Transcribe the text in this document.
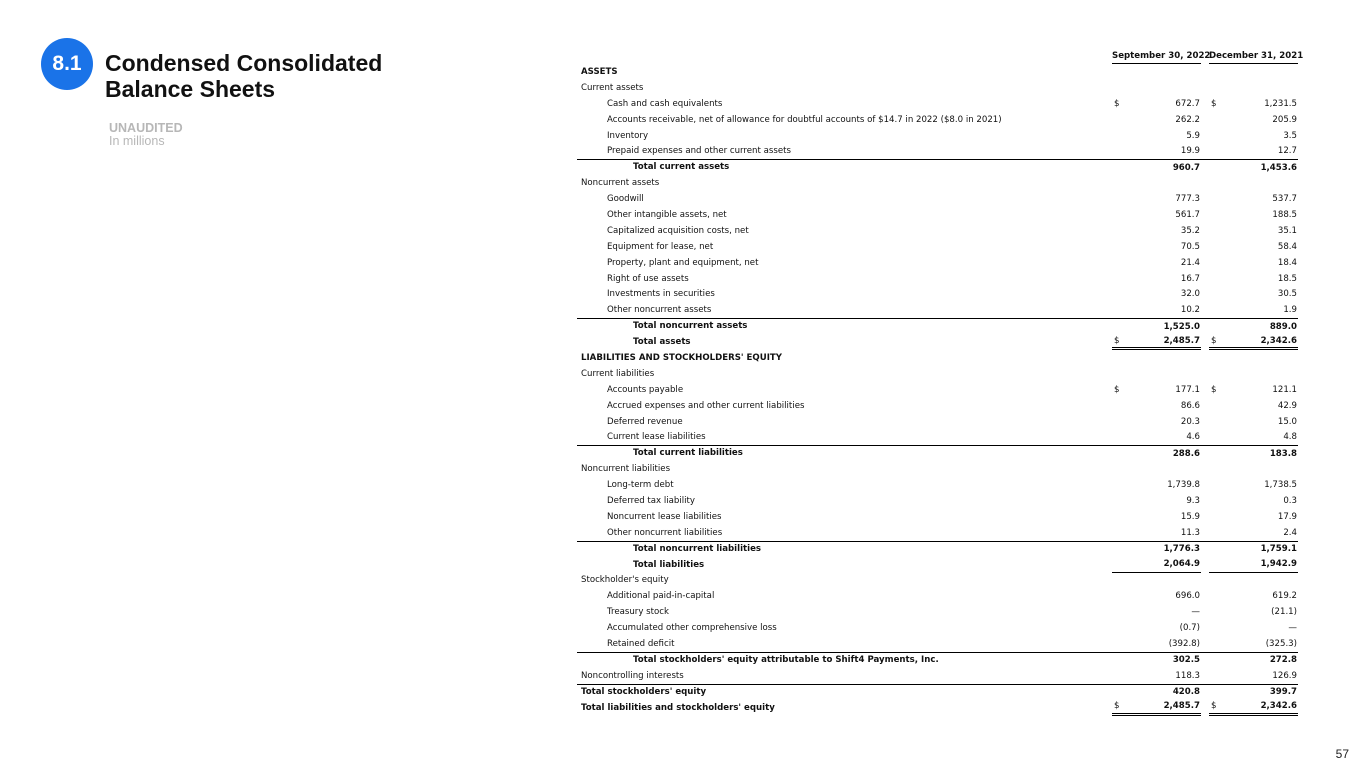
8.1	Condensed Consolidated Balance Sheets
UNAUDITED
In millions
57
September 30, 2022
December 31, 2021
ASSETS
Current assets
Cash and cash equivalents	$	672.7 $	1,231.5
Accounts receivable, net of allowance for doubtful accounts of $14.7 in 2022 ($8.0 in 2021)	262.2	205.9
Inventory	5.9	3.5
Prepaid expenses and other current assets	19.9	12.7
Total current assets	960.7	1,453.6
Noncurrent assets
Goodwill	777.3	537.7
Other intangible assets, net	561.7	188.5
Capitalized acquisition costs, net	35.2	35.1
Equipment for lease, net	70.5	58.4
Property, plant and equipment, net	21.4	18.4
Right of use assets	16.7	18.5
Investments in securities	32.0	30.5
Other noncurrent assets	10.2	1.9
Total noncurrent assets	1,525.0	889.0
Total assets	$	2,485.7 $	2,342.6
LIABILITIES AND STOCKHOLDERS' EQUITY
Current liabilities
Accounts payable	$	177.1 $	121.1
Accrued expenses and other current liabilities	86.6	42.9
Deferred revenue	20.3	15.0
Current lease liabilities	4.6	4.8
Total current liabilities	288.6	183.8
Noncurrent liabilities
Long-term debt	1,739.8	1,738.5
Deferred tax liability	9.3	0.3
Noncurrent lease liabilities	15.9	17.9
Other noncurrent liabilities	11.3	2.4
Total noncurrent liabilities	1,776.3	1,759.1
Total liabilities	2,064.9	1,942.9
Stockholder's equity
Additional paid-in-capital	696.0	619.2
Treasury stock	—	(21.1)
Accumulated other comprehensive loss	(0.7)	—
Retained deficit	(392.8)	(325.3)
Total stockholders' equity attributable to Shift4 Payments, Inc.	302.5	272.8
Noncontrolling interests	118.3	126.9
Total stockholders' equity	420.8	399.7
Total liabilities and stockholders' equity	$	2,485.7 $	2,342.6
